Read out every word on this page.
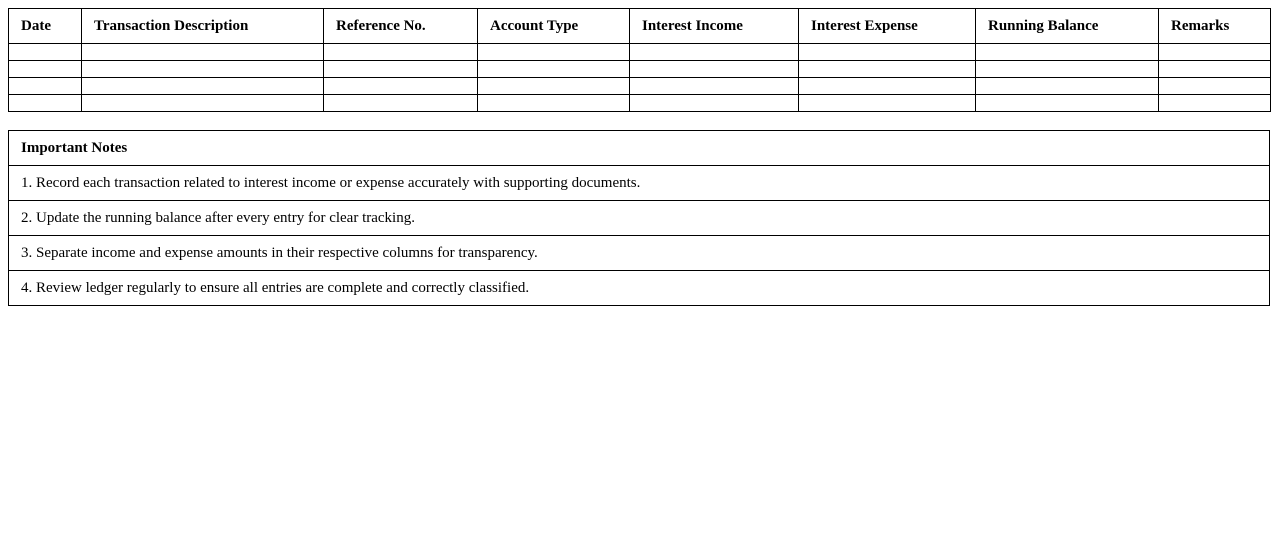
Date	Transaction Description	Reference No.	Account Type	Interest Income	Interest Expense	Running Balance	Remarks

Important Notes
1. Record each transaction related to interest income or expense accurately with supporting documents.
2. Update the running balance after every entry for clear tracking.
3. Separate income and expense amounts in their respective columns for transparency.
4. Review ledger regularly to ensure all entries are complete and correctly classified.
